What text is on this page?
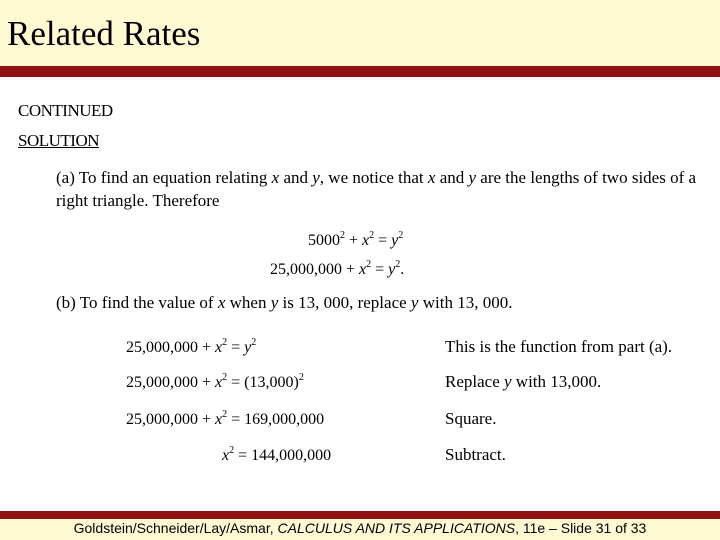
Related Rates
CONTINUED
SOLUTION
(a) To find an equation relating x and y, we notice that x and y are the lengths of two sides of a right triangle. Therefore
$5000^2 + x^2 = y^2$
$25,000,000 + x^2 = y^2$.
(b) To find the value of x when y is 13, 000, replace y with 13, 000.
$25,000,000 + x^2 = y^2$	This is the function from part (a).
$25,000,000 + x^2 = (13,000)^2$	Replace y with 13,000.
$25,000,000 + x^2 = 169,000,000$	Square.
$x^2 = 144,000,000$	Subtract.
Goldstein/Schneider/Lay/Asmar, CALCULUS AND ITS APPLICATIONS, 11e – Slide 31 of 33
